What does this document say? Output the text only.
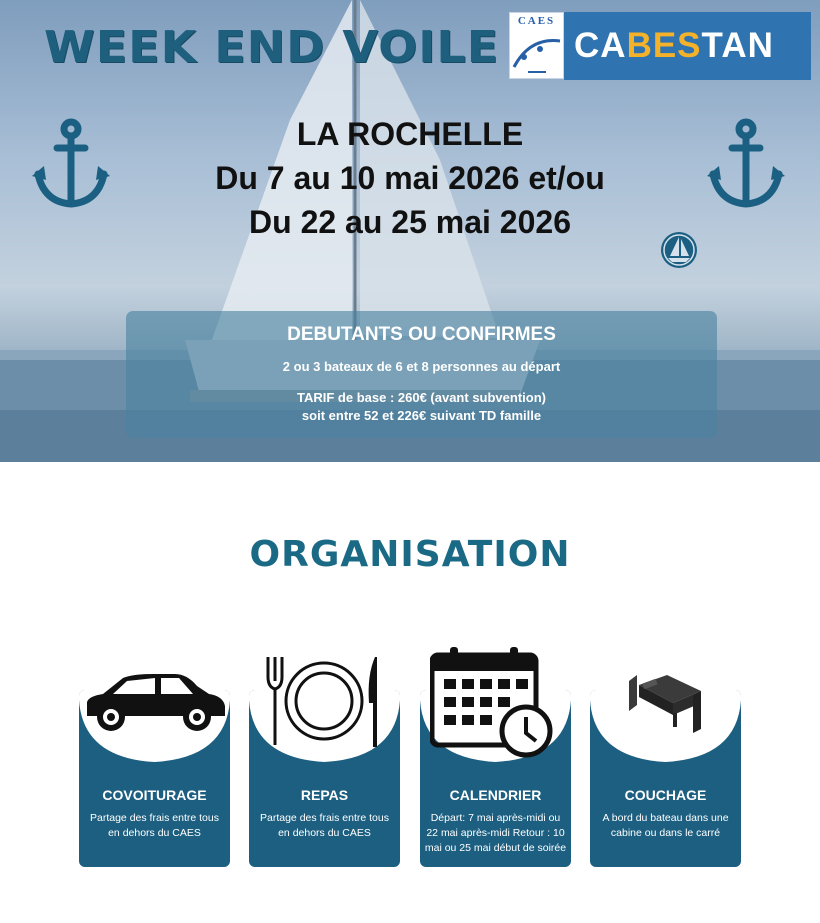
WEEK END VOILE
CAES
CABESTAN
LA ROCHELLE
Du 7 au 10 mai 2026 et/ou
Du 22 au 25 mai 2026
DEBUTANTS OU CONFIRMES
2 ou 3 bateaux de 6 et 8 personnes au départ
TARIF de base : 260€ (avant subvention)
soit entre 52 et 226€ suivant TD famille
ORGANISATION
COVOITURAGE
Partage des frais entre tous en dehors du CAES
REPAS
Partage des frais entre tous en dehors du CAES
CALENDRIER
Départ: 7 mai après-midi ou 22 mai après-midi Retour : 10 mai ou 25 mai début de soirée
COUCHAGE
A bord du bateau dans une cabine ou dans le carré
